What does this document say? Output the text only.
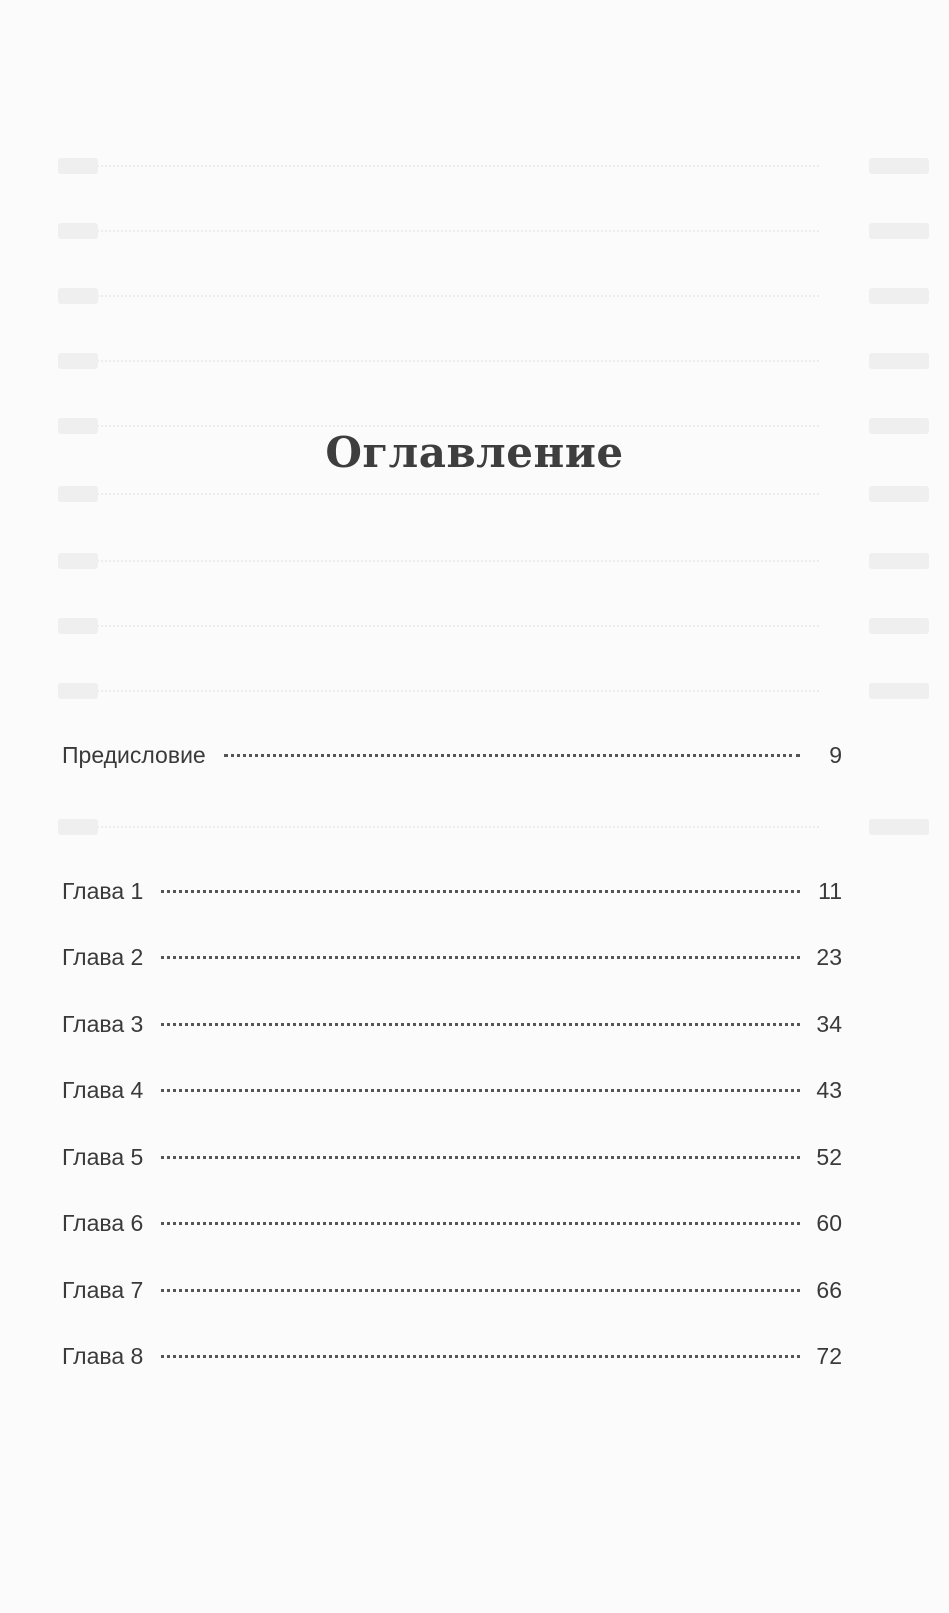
Оглавление
Предисловие	9
Глава 1	11
Глава 2	23
Глава 3	34
Глава 4	43
Глава 5	52
Глава 6	60
Глава 7	66
Глава 8	72
